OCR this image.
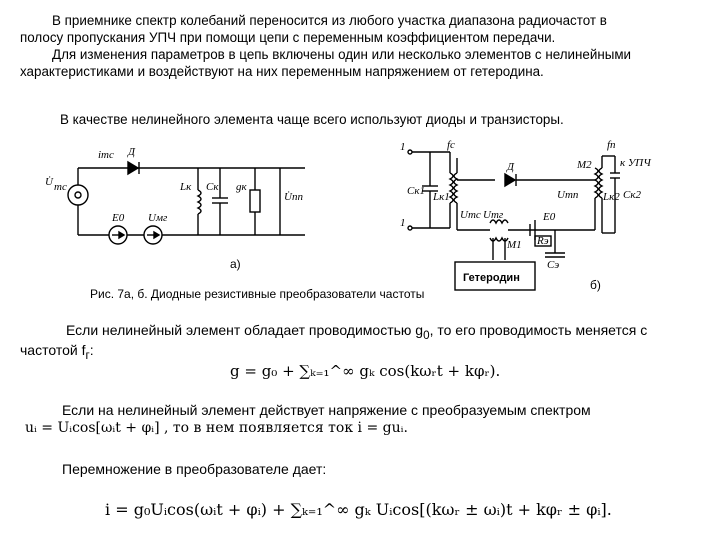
В приемнике спектр колебаний переносится из любого участка диапазона радиочастот в
полосу пропускания УПЧ при помощи цепи с переменным коэффициентом передачи.
Для изменения параметров в цепь включены один или несколько элементов с нелинейными
характеристиками и воздействуют на них переменным напряжением от гетеродина.
В качестве нелинейного элемента чаще всего используют диоды и транзисторы.
U̇ mc
imc Д
Lк Cк gк
U̇пп
E0 Uмг
а)
1
1
fc	fп
Д	M2
Cк1 Lк1
Umc Umг
Umп Lк2 Cк2
E0
Rэ
Cэ
M1
к УПЧ
Гетеродин	б)
Рис. 7а, б. Диодные резистивные преобразователи частоты
Если нелинейный элемент обладает проводимостью $g_0$, то его проводимость меняется с
частотой $f_г$:
g = g₀ + ∑ₖ₌₁^∞ gₖ cos(kωᵣt + kφᵣ).
Если на нелинейный элемент действует напряжение с преобразуемым спектром
uᵢ = Uᵢcos[ωᵢt + φᵢ] , то в нем появляется ток i = guᵢ.
Перемножение в преобразователе дает:
i = g₀Uᵢcos(ωᵢt + φᵢ) + ∑ₖ₌₁^∞ gₖ Uᵢcos[(kωᵣ ± ωᵢ)t + kφᵣ ± φᵢ].
